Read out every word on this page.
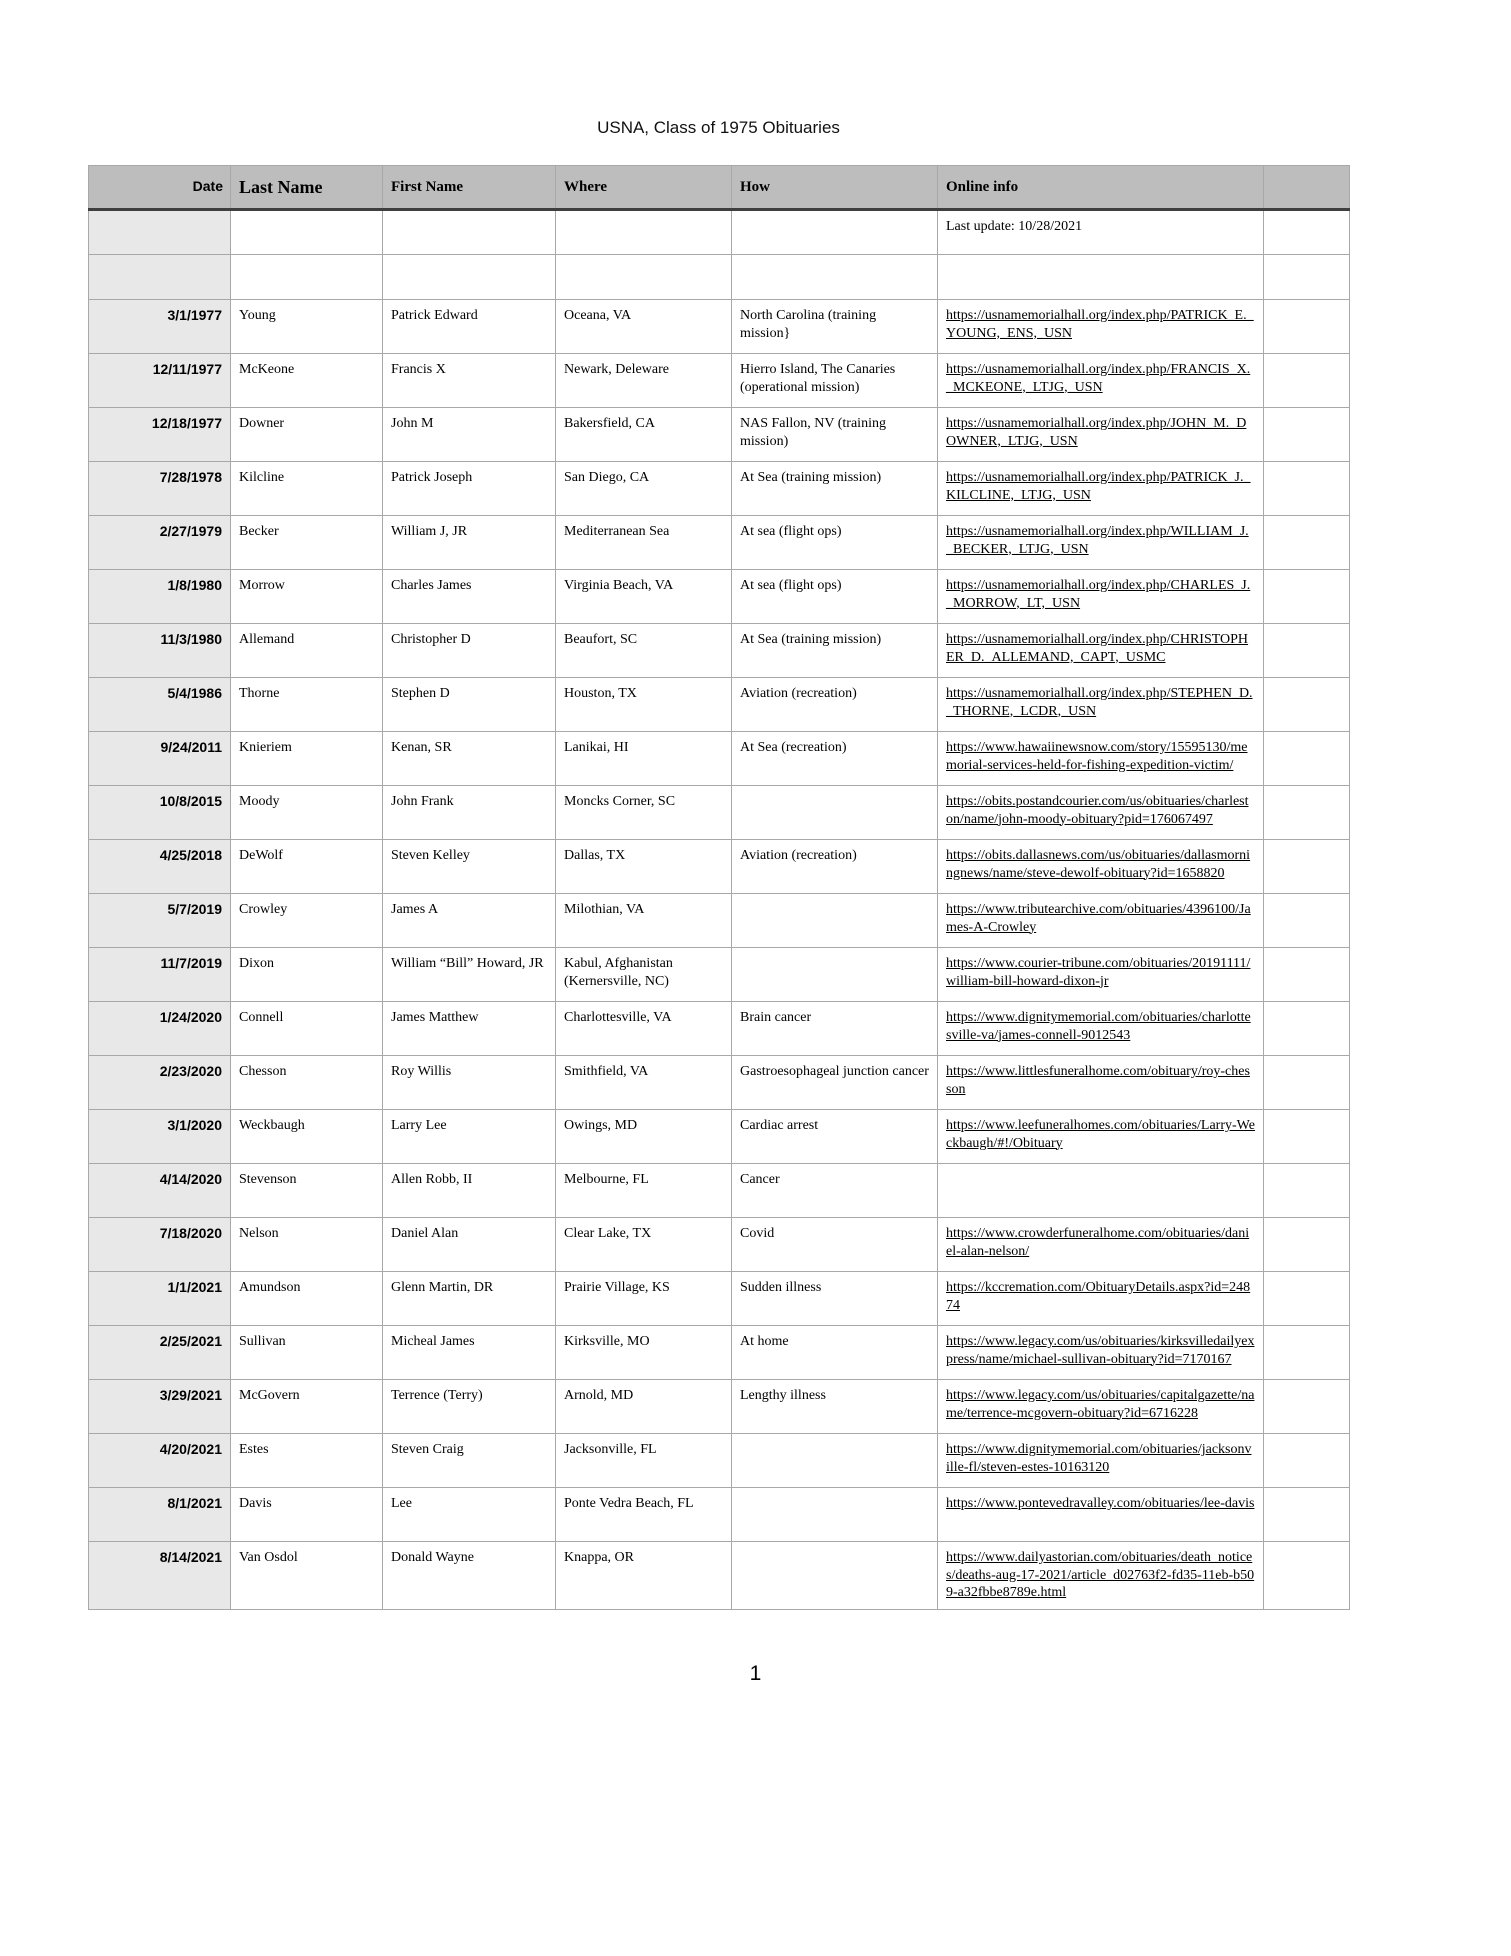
USNA, Class of 1975 Obituaries
Date	Last Name	First Name	Where	How	Online info	
					Last update: 10/28/2021	

3/1/1977	Young	Patrick Edward	Oceana, VA	North Carolina (training mission}	https://usnamemorialhall.org/index.php/PATRICK_E._YOUNG,_ENS,_USN	
12/11/1977	McKeone	Francis X	Newark, Deleware	Hierro Island, The Canaries (operational mission)	https://usnamemorialhall.org/index.php/FRANCIS_X._MCKEONE,_LTJG,_USN	
12/18/1977	Downer	John M	Bakersfield, CA	NAS Fallon, NV (training mission)	https://usnamemorialhall.org/index.php/JOHN_M._DOWNER,_LTJG,_USN	
7/28/1978	Kilcline	Patrick Joseph	San Diego, CA	At Sea (training mission)	https://usnamemorialhall.org/index.php/PATRICK_J._KILCLINE,_LTJG,_USN	
2/27/1979	Becker	William J, JR	Mediterranean Sea	At sea (flight ops)	https://usnamemorialhall.org/index.php/WILLIAM_J._BECKER,_LTJG,_USN	
1/8/1980	Morrow	Charles James	Virginia Beach, VA	At sea (flight ops)	https://usnamemorialhall.org/index.php/CHARLES_J._MORROW,_LT,_USN	
11/3/1980	Allemand	Christopher D	Beaufort, SC	At Sea (training mission)	https://usnamemorialhall.org/index.php/CHRISTOPHER_D._ALLEMAND,_CAPT,_USMC	
5/4/1986	Thorne	Stephen D	Houston, TX	Aviation (recreation)	https://usnamemorialhall.org/index.php/STEPHEN_D._THORNE,_LCDR,_USN	
9/24/2011	Knieriem	Kenan, SR	Lanikai, HI	At Sea (recreation)	https://www.hawaiinewsnow.com/story/15595130/memorial-services-held-for-fishing-expedition-victim/	
10/8/2015	Moody	John Frank	Moncks Corner, SC		https://obits.postandcourier.com/us/obituaries/charleston/name/john-moody-obituary?pid=176067497	
4/25/2018	DeWolf	Steven Kelley	Dallas, TX	Aviation (recreation)	https://obits.dallasnews.com/us/obituaries/dallasmorningnews/name/steve-dewolf-obituary?id=1658820	
5/7/2019	Crowley	James A	Milothian, VA		https://www.tributearchive.com/obituaries/4396100/James-A-Crowley	
11/7/2019	Dixon	William “Bill” Howard, JR	Kabul, Afghanistan (Kernersville, NC)		https://www.courier-tribune.com/obituaries/20191111/william-bill-howard-dixon-jr	
1/24/2020	Connell	James Matthew	Charlottesville, VA	Brain cancer	https://www.dignitymemorial.com/obituaries/charlottesville-va/james-connell-9012543	
2/23/2020	Chesson	Roy Willis	Smithfield, VA	Gastroesophageal junction cancer	https://www.littlesfuneralhome.com/obituary/roy-chesson	
3/1/2020	Weckbaugh	Larry Lee	Owings, MD	Cardiac arrest	https://www.leefuneralhomes.com/obituaries/Larry-Weckbaugh/#!/Obituary	
4/14/2020	Stevenson	Allen Robb, II	Melbourne, FL	Cancer		
7/18/2020	Nelson	Daniel Alan	Clear Lake, TX	Covid	https://www.crowderfuneralhome.com/obituaries/daniel-alan-nelson/	
1/1/2021	Amundson	Glenn Martin, DR	Prairie Village, KS	Sudden illness	https://kccremation.com/ObituaryDetails.aspx?id=24874	
2/25/2021	Sullivan	Micheal James	Kirksville, MO	At home	https://www.legacy.com/us/obituaries/kirksvilledailyexpress/name/michael-sullivan-obituary?id=7170167	
3/29/2021	McGovern	Terrence (Terry)	Arnold, MD	Lengthy illness	https://www.legacy.com/us/obituaries/capitalgazette/name/terrence-mcgovern-obituary?id=6716228	
4/20/2021	Estes	Steven Craig	Jacksonville, FL		https://www.dignitymemorial.com/obituaries/jacksonville-fl/steven-estes-10163120	
8/1/2021	Davis	Lee	Ponte Vedra Beach, FL		https://www.pontevedravalley.com/obituaries/lee-davis	
8/14/2021	Van Osdol	Donald Wayne	Knappa, OR		https://www.dailyastorian.com/obituaries/death_notices/deaths-aug-17-2021/article_d02763f2-fd35-11eb-b509-a32fbbe8789e.html	
1
